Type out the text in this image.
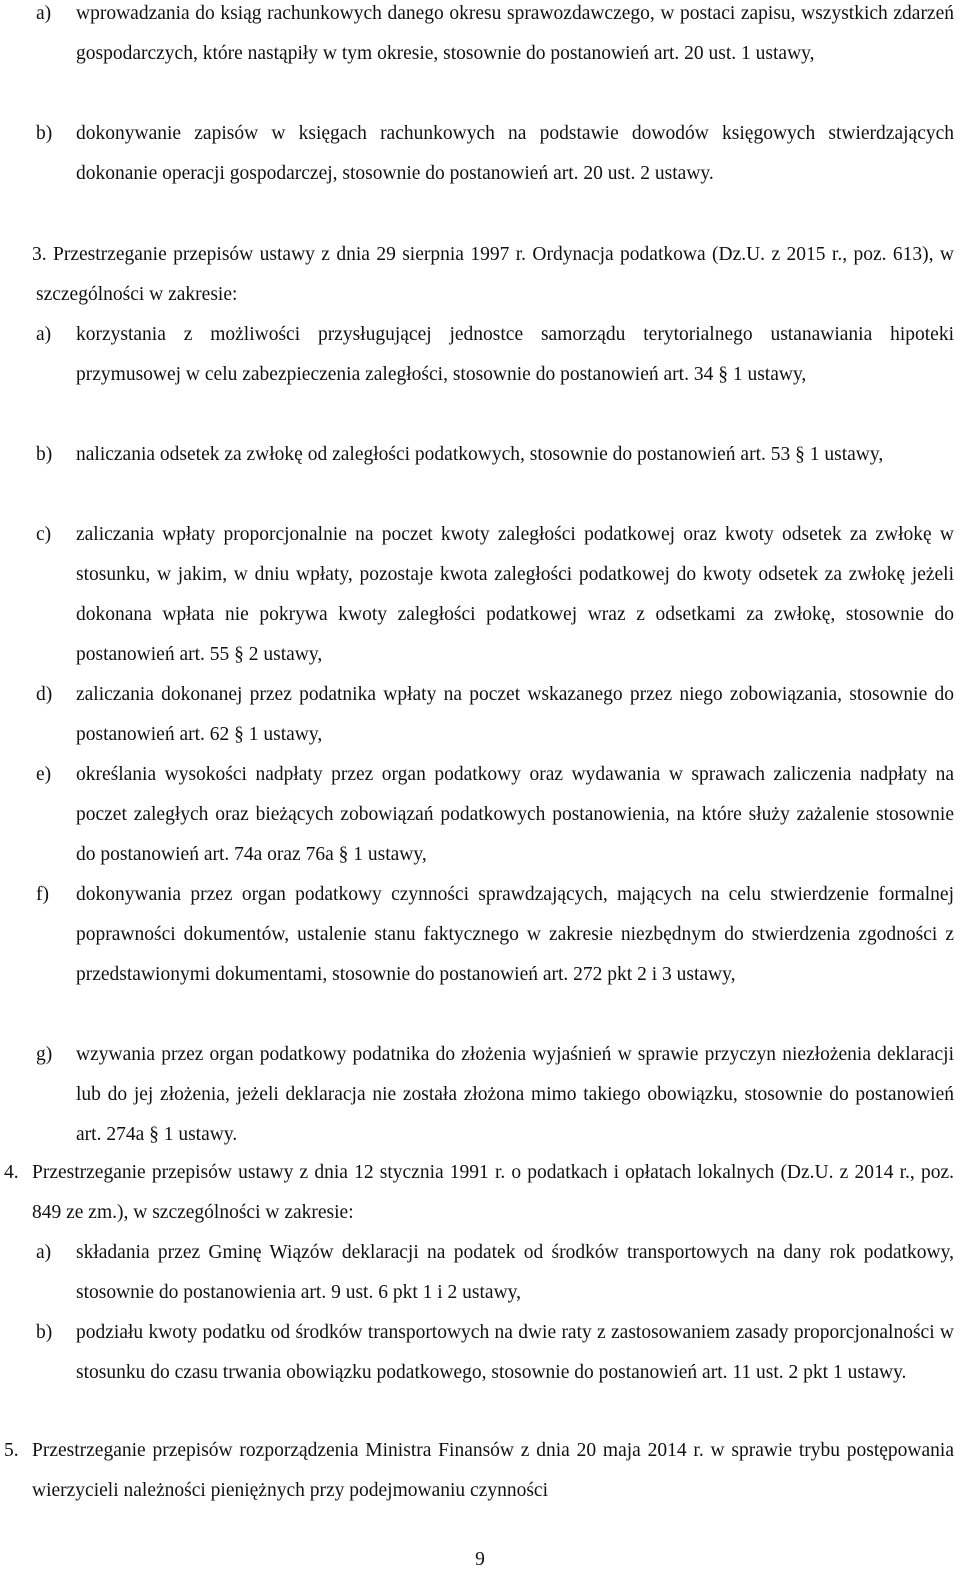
a)	wprowadzania do ksiąg rachunkowych danego okresu sprawozdawczego, w postaci zapisu, wszystkich zdarzeń gospodarczych, które nastąpiły w tym okresie, stosownie do postanowień art. 20 ust. 1 ustawy,
b)	dokonywanie zapisów w księgach rachunkowych na podstawie dowodów księgowych stwierdzających dokonanie operacji gospodarczej, stosownie do postanowień art. 20 ust. 2 ustawy.
3. Przestrzeganie przepisów ustawy z dnia 29 sierpnia 1997 r. Ordynacja podatkowa (Dz.U. z 2015 r., poz. 613), w szczególności w zakresie:
a)	korzystania z możliwości przysługującej jednostce samorządu terytorialnego ustanawiania hipoteki przymusowej w celu zabezpieczenia zaległości, stosownie do postanowień art. 34 § 1 ustawy,
b)	naliczania odsetek za zwłokę od zaległości podatkowych, stosownie do postanowień art. 53 § 1 ustawy,
c)	zaliczania wpłaty proporcjonalnie na poczet kwoty zaległości podatkowej oraz kwoty odsetek za zwłokę w stosunku, w jakim, w dniu wpłaty, pozostaje kwota zaległości podatkowej do kwoty odsetek za zwłokę jeżeli dokonana wpłata nie pokrywa kwoty zaległości podatkowej wraz z odsetkami za zwłokę, stosownie do postanowień art. 55 § 2 ustawy,
d)	zaliczania dokonanej przez podatnika wpłaty na poczet wskazanego przez niego zobowiązania, stosownie do postanowień art. 62 § 1 ustawy,
e)	określania wysokości nadpłaty przez organ podatkowy oraz wydawania w sprawach zaliczenia nadpłaty na poczet zaległych oraz bieżących zobowiązań podatkowych postanowienia, na które służy zażalenie stosownie do postanowień art. 74a oraz 76a § 1 ustawy,
f)	dokonywania przez organ podatkowy czynności sprawdzających, mających na celu stwierdzenie formalnej poprawności dokumentów, ustalenie stanu faktycznego w zakresie niezbędnym do stwierdzenia zgodności z przedstawionymi dokumentami, stosownie do postanowień art. 272 pkt 2 i 3 ustawy,
g)	wzywania przez organ podatkowy podatnika do złożenia wyjaśnień w sprawie przyczyn niezłożenia deklaracji lub do jej złożenia, jeżeli deklaracja nie została złożona mimo takiego obowiązku, stosownie do postanowień art. 274a § 1 ustawy.
4. Przestrzeganie przepisów ustawy z dnia 12 stycznia 1991 r. o podatkach i opłatach lokalnych (Dz.U. z 2014 r., poz. 849 ze zm.), w szczególności w zakresie:
a)	składania przez Gminę Wiązów deklaracji na podatek od środków transportowych na dany rok podatkowy, stosownie do postanowienia art. 9 ust. 6 pkt 1 i 2 ustawy,
b)	podziału kwoty podatku od środków transportowych na dwie raty z zastosowaniem zasady proporcjonalności w stosunku do czasu trwania obowiązku podatkowego, stosownie do postanowień art. 11 ust. 2 pkt 1 ustawy.
5. Przestrzeganie przepisów rozporządzenia Ministra Finansów z dnia 20 maja 2014 r. w sprawie trybu postępowania wierzycieli należności pieniężnych przy podejmowaniu czynności
9
